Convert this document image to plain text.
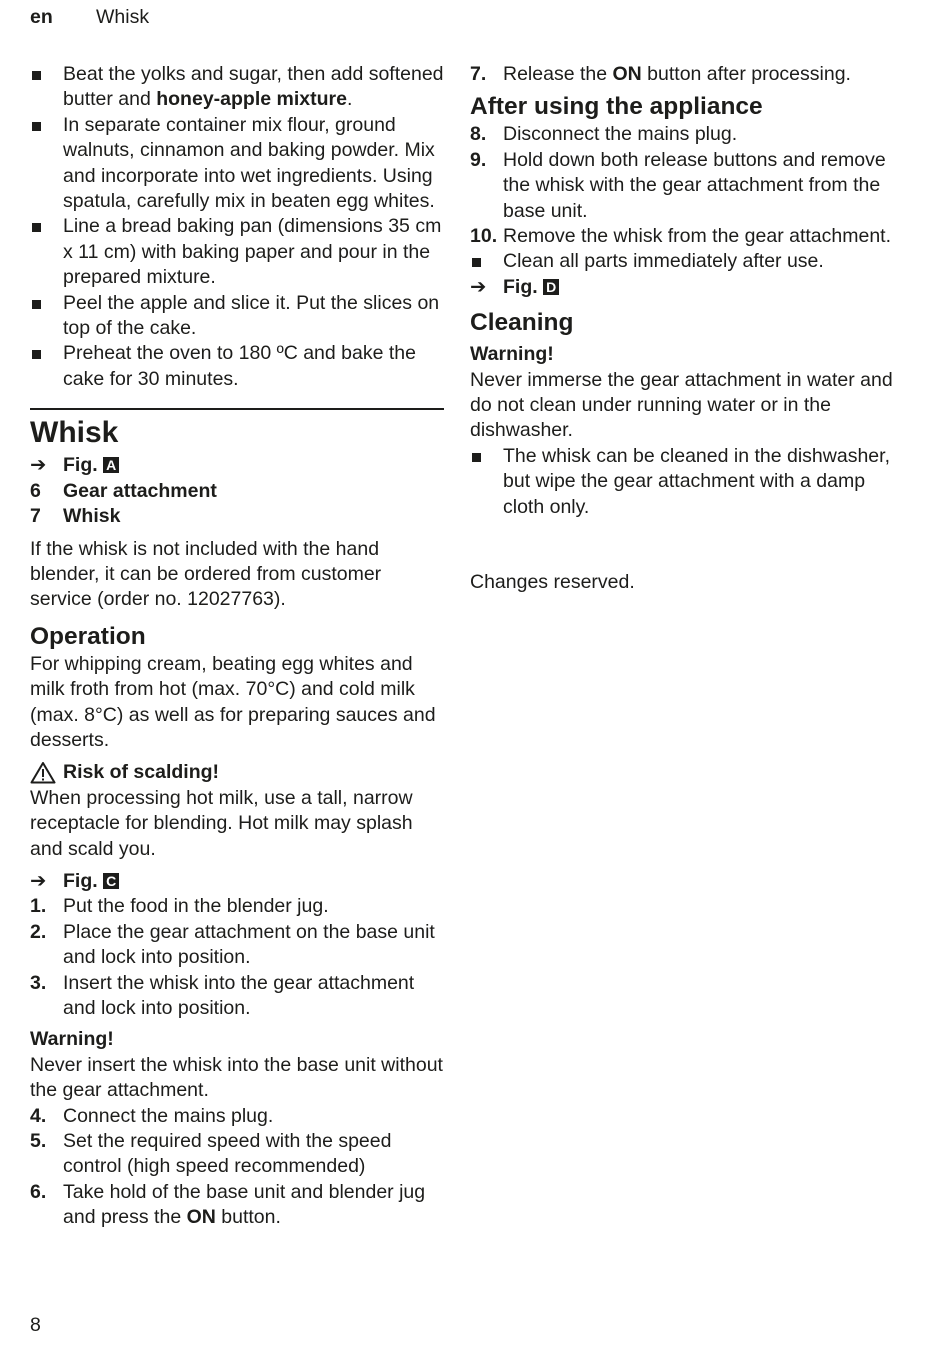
en	Whisk
Beat the yolks and sugar, then add softened butter and honey-apple mixture.
In separate container mix flour, ground walnuts, cinnamon and baking powder. Mix and incorporate into wet ingredients. Using spatula, carefully mix in beaten egg whites.
Line a bread baking pan (dimensions 35 cm x 11 cm) with baking paper and pour in the prepared mixture.
Peel the apple and slice it. Put the slices on top of the cake.
Preheat the oven to 180 ºC and bake the cake for 30 minutes.
Whisk
➔ Fig. A
6 Gear attachment
7 Whisk

If the whisk is not included with the hand blender, it can be ordered from customer service (order no. 12027763).

Operation

For whipping cream, beating egg whites and milk froth from hot (max. 70°C) and cold milk (max. 8°C) as well as for preparing sauces and desserts.

Risk of scalding!

When processing hot milk, use a tall, narrow receptacle for blending. Hot milk may splash and scald you.

➔ Fig. C
1. Put the food in the blender jug.
2. Place the gear attachment on the base unit and lock into position.
3. Insert the whisk into the gear attachment and lock into position.

Warning!

Never insert the whisk into the base unit without the gear attachment.

4. Connect the mains plug.
5. Set the required speed with the speed control (high speed recommended)
6. Take hold of the base unit and blender jug and press the ON button.
7. Release the ON button after processing.
After using the appliance
8. Disconnect the mains plug.
9. Hold down both release buttons and remove the whisk with the gear attachment from the base unit.
10. Remove the whisk from the gear attachment.
Clean all parts immediately after use.
➔ Fig. D
Cleaning

Warning!

Never immerse the gear attachment in water and do not clean under running water or in the dishwasher.

The whisk can be cleaned in the dishwasher, but wipe the gear attachment with a damp cloth only.

Changes reserved.

8
